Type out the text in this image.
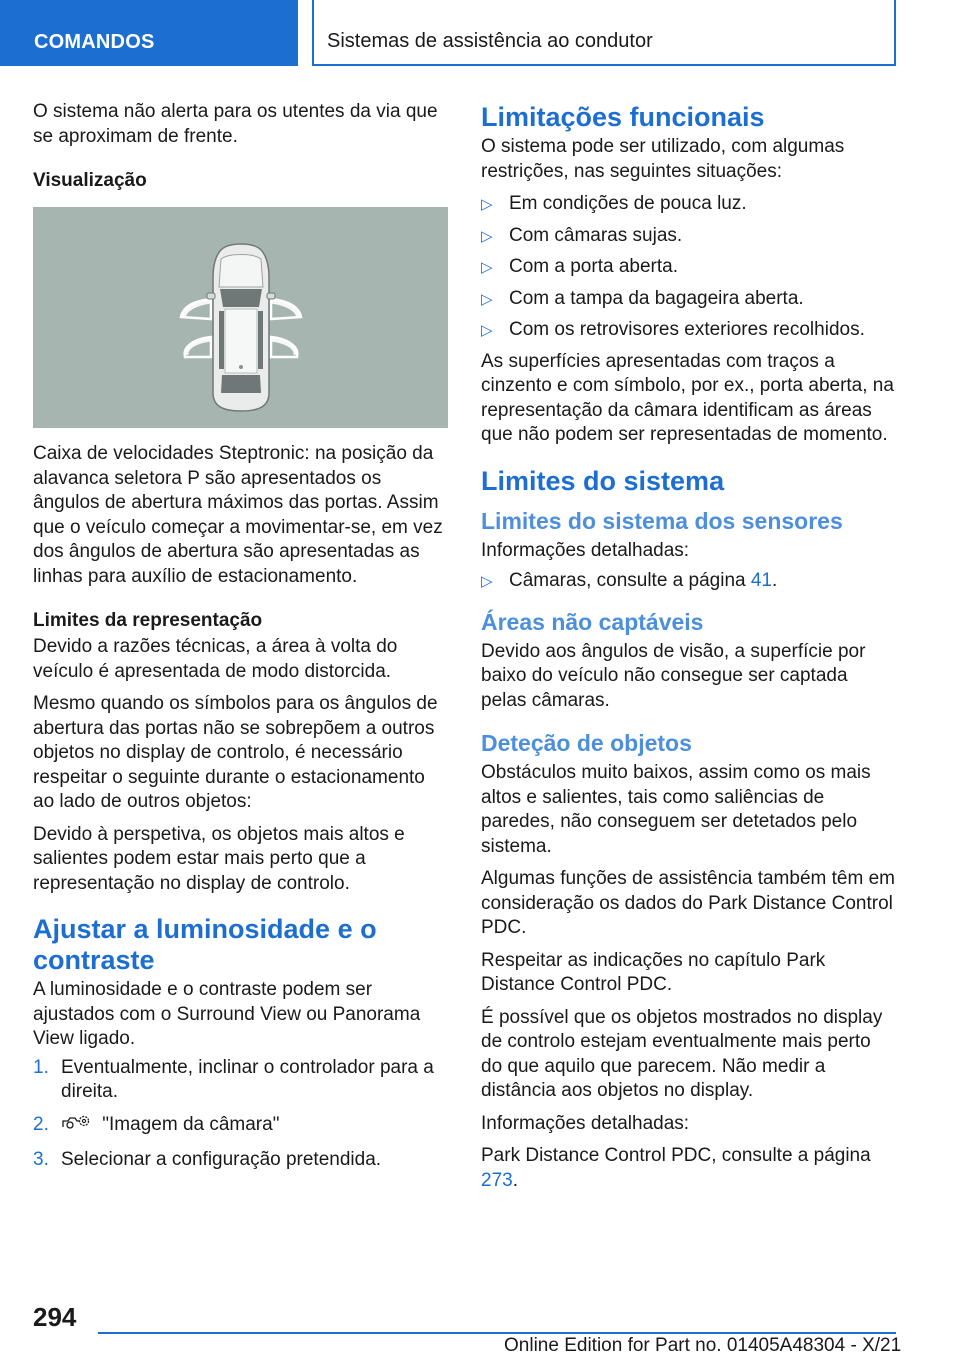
COMANDOS	Sistemas de assistência ao condutor

O sistema não alerta para os utentes da via que se aproximam de frente.

Visualização

Caixa de velocidades Steptronic: na posição da alavanca seletora P são apresentados os ângulos de abertura máximos das portas. Assim que o veículo começar a movimentar-se, em vez dos ângulos de abertura são apresentadas as linhas para auxílio de estacionamento.

Limites da representação

Devido a razões técnicas, a área à volta do veículo é apresentada de modo distorcida.

Mesmo quando os símbolos para os ângulos de abertura das portas não se sobrepõem a outros objetos no display de controlo, é necessário respeitar o seguinte durante o estacionamento ao lado de outros objetos:

Devido à perspetiva, os objetos mais altos e salientes podem estar mais perto que a representação no display de controlo.

Ajustar a luminosidade e o contraste

A luminosidade e o contraste podem ser ajustados com o Surround View ou Panorama View ligado.

1. Eventualmente, inclinar o controlador para a direita.
2.	"Imagem da câmara"
3. Selecionar a configuração pretendida.
Limitações funcionais

O sistema pode ser utilizado, com algumas restrições, nas seguintes situações:

▷ Em condições de pouca luz.
▷ Com câmaras sujas.
▷ Com a porta aberta.
▷ Com a tampa da bagageira aberta.
▷ Com os retrovisores exteriores recolhidos.

As superfícies apresentadas com traços a cinzento e com símbolo, por ex., porta aberta, na representação da câmara identificam as áreas que não podem ser representadas de momento.

Limites do sistema
Limites do sistema dos sensores

Informações detalhadas:

▷ Câmaras, consulte a página 41.
Áreas não captáveis

Devido aos ângulos de visão, a superfície por baixo do veículo não consegue ser captada pelas câmaras.

Deteção de objetos

Obstáculos muito baixos, assim como os mais altos e salientes, tais como saliências de paredes, não conseguem ser detetados pelo sistema.

Algumas funções de assistência também têm em consideração os dados do Park Distance Control PDC.

Respeitar as indicações no capítulo Park Distance Control PDC.

É possível que os objetos mostrados no display de controlo estejam eventualmente mais perto do que aquilo que parecem. Não medir a distância aos objetos no display.

Informações detalhadas:

Park Distance Control PDC, consulte a página 273.

294
Online Edition for Part no. 01405A48304 - X/21
